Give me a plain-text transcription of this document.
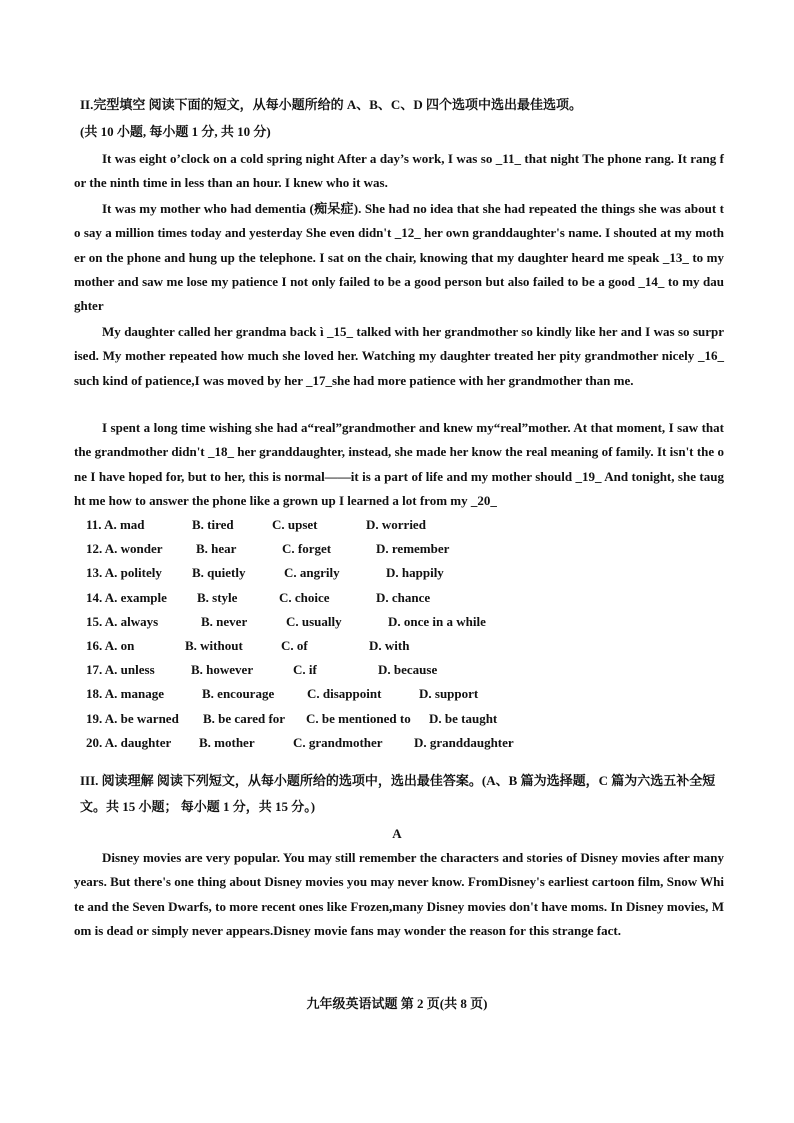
II.完型填空 阅读下面的短文，从每小题所给的 A、B、C、D 四个选项中选出最佳选项。
(共 10 小题, 每小题 1 分, 共 10 分)
It was eight o’clock on a cold spring night After a day’s work, I was so _11_ that night The phone rang. It rang for the ninth time in less than an hour. I knew who it was.
It was my mother who had dementia (痴呆症). She had no idea that she had repeated the things she was about to say a million times today and yesterday She even didn't _12_ her own granddaughter's name. I shouted at my mother on the phone and hung up the telephone. I sat on the chair, knowing that my daughter heard me speak _13_ to my mother and saw me lose my patience I not only failed to be a good person but also failed to be a good _14_ to my daughter
My daughter called her grandma back ì _15_ talked with her grandmother so kindly like her and I was so surprised. My mother repeated how much she loved her. Watching my daughter treated her pity grandmother nicely _16_ such kind of patience,I was moved by her _17_she had more patience with her grandmother than me.
I spent a long time wishing she had a“real”grandmother and knew my“real”mother. At that moment, I saw that the grandmother didn't _18_ her granddaughter, instead, she made her know the real meaning of family. It isn't the one I have hoped for, but to her, this is normal——it is a part of life and my mother should _19_ And tonight, she taught me how to answer the phone like a grown up I learned a lot from my _20_
11. A. mad	B. tired	C. upset	D. worried
12. A. wonder	B. hear	C. forget	D. remember
13. A. politely B. quietly	C. angrily	D. happily
14. A. example B. style	C. choice	D. chance
15. A. always	B. never	C. usually	D. once in a while
16. A. on	B. without	C. of	D. with
17. A. unless	B. however	C. if	D. because
18. A. manage	B. encourage	C. disappoint	D. support
19. A. be warned B. be cared for C. be mentioned to D. be taught
20. A. daughter B. mother	C. grandmother D. granddaughter
III. 阅读理解 阅读下列短文，从每小题所给的选项中，选出最佳答案。(A、B 篇为选择题，C 篇为六选五补全短文。共 15 小题； 每小题 1 分，共 15 分。)
A
Disney movies are very popular. You may still remember the characters and stories of Disney movies after many years. But there's one thing about Disney movies you may never know. FromDisney's earliest cartoon film, Snow White and the Seven Dwarfs, to more recent ones like Frozen,many Disney movies don't have moms. In Disney movies, Mom is dead or simply never appears.Disney movie fans may wonder the reason for this strange fact.
九年级英语试题 第 2 页(共 8 页)
